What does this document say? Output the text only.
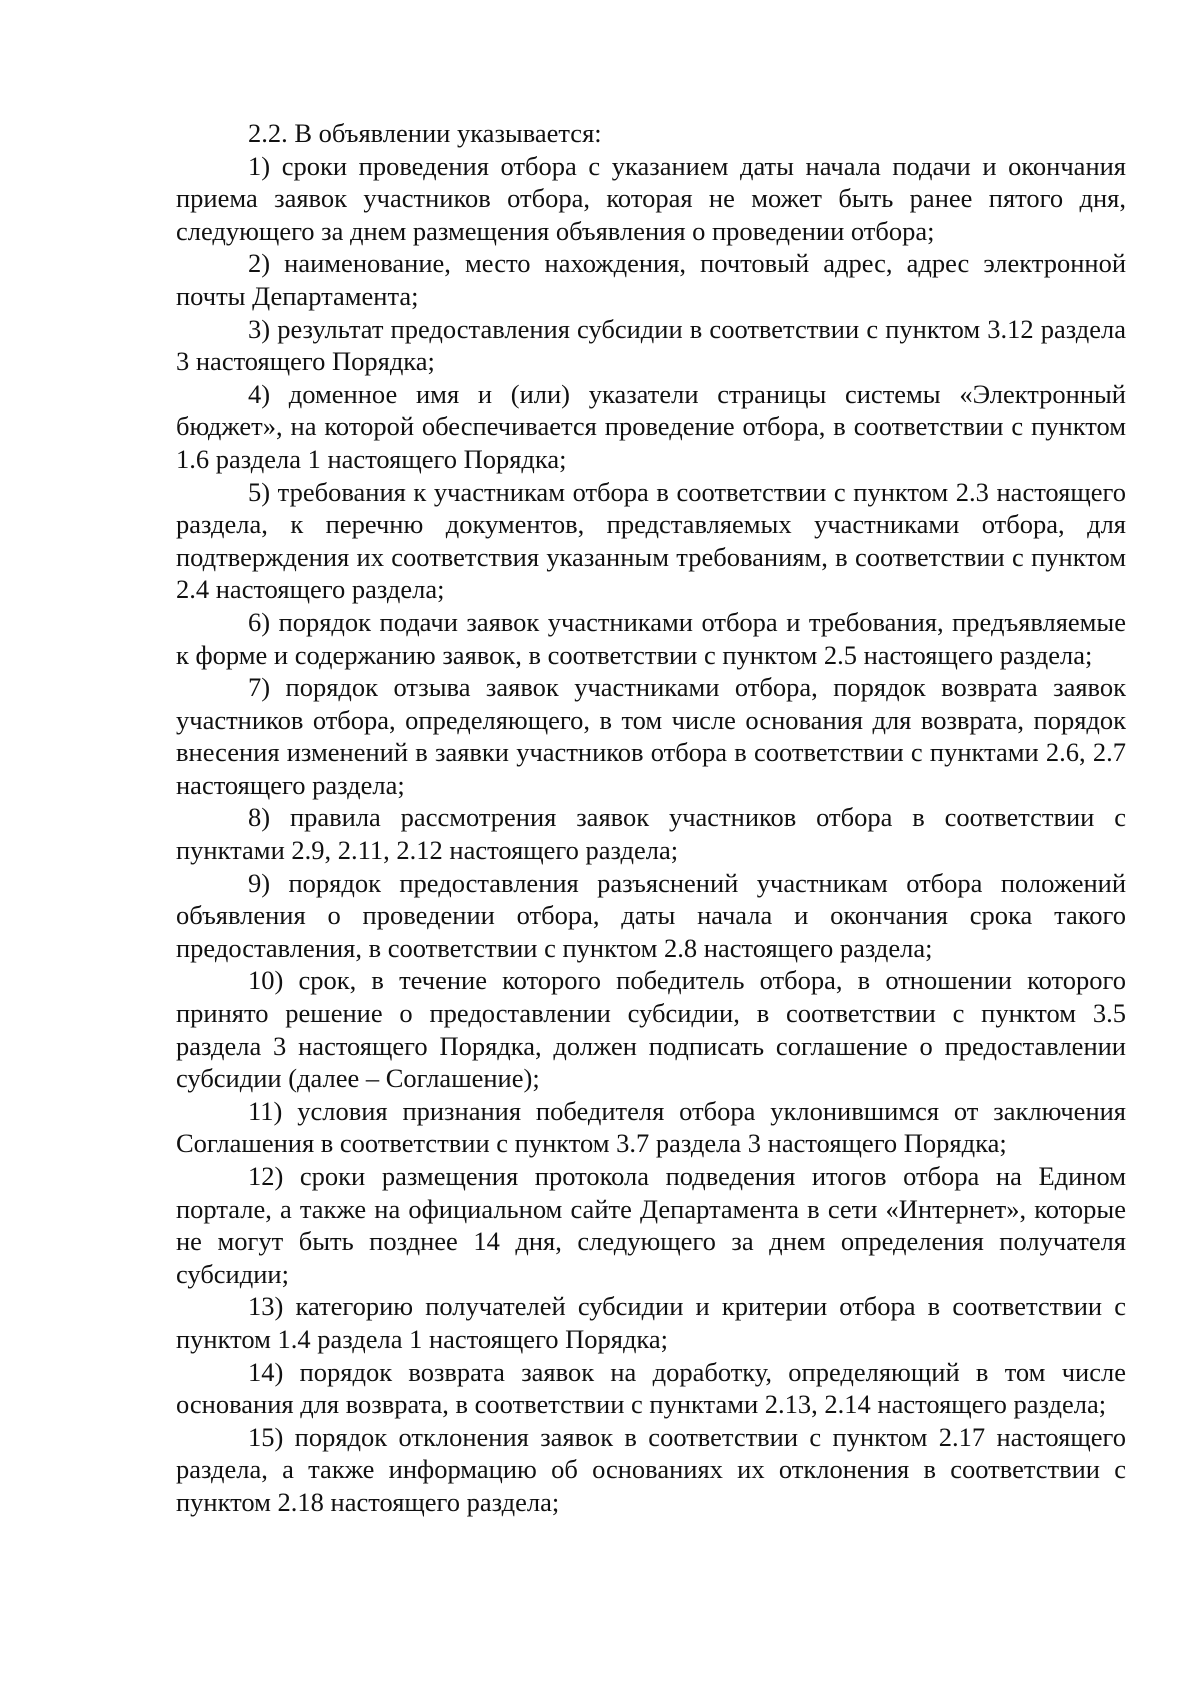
2.2. В объявлении указывается:

1) сроки проведения отбора с указанием даты начала подачи и окончания приема заявок участников отбора, которая не может быть ранее пятого дня, следующего за днем размещения объявления о проведении отбора;

2) наименование, место нахождения, почтовый адрес, адрес электронной почты Департамента;

3) результат предоставления субсидии в соответствии с пунктом 3.12 раздела 3 настоящего Порядка;

4) доменное имя и (или) указатели страницы системы «Электронный бюджет», на которой обеспечивается проведение отбора, в соответствии с пунктом 1.6 раздела 1 настоящего Порядка;

5) требования к участникам отбора в соответствии с пунктом 2.3 настоящего раздела, к перечню документов, представляемых участниками отбора, для подтверждения их соответствия указанным требованиям, в соответствии с пунктом 2.4 настоящего раздела;

6) порядок подачи заявок участниками отбора и требования, предъявляемые к форме и содержанию заявок, в соответствии с пунктом 2.5 настоящего раздела;

7) порядок отзыва заявок участниками отбора, порядок возврата заявок участников отбора, определяющего, в том числе основания для возврата, порядок внесения изменений в заявки участников отбора в соответствии с пунктами 2.6, 2.7 настоящего раздела;

8) правила рассмотрения заявок участников отбора в соответствии с пунктами 2.9, 2.11, 2.12 настоящего раздела;

9) порядок предоставления разъяснений участникам отбора положений объявления о проведении отбора, даты начала и окончания срока такого предоставления, в соответствии с пунктом 2.8 настоящего раздела;

10) срок, в течение которого победитель отбора, в отношении которого принято решение о предоставлении субсидии, в соответствии с пунктом 3.5 раздела 3 настоящего Порядка, должен подписать соглашение о предоставлении субсидии (далее – Соглашение);

11) условия признания победителя отбора уклонившимся от заключения Соглашения в соответствии с пунктом 3.7 раздела 3 настоящего Порядка;

12) сроки размещения протокола подведения итогов отбора на Едином портале, а также на официальном сайте Департамента в сети «Интернет», которые не могут быть позднее 14 дня, следующего за днем определения получателя субсидии;

13) категорию получателей субсидии и критерии отбора в соответствии с пунктом 1.4 раздела 1 настоящего Порядка;

14) порядок возврата заявок на доработку, определяющий в том числе основания для возврата, в соответствии с пунктами 2.13, 2.14 настоящего раздела;

15) порядок отклонения заявок в соответствии с пунктом 2.17 настоящего раздела, а также информацию об основаниях их отклонения в соответствии с пунктом 2.18 настоящего раздела;
